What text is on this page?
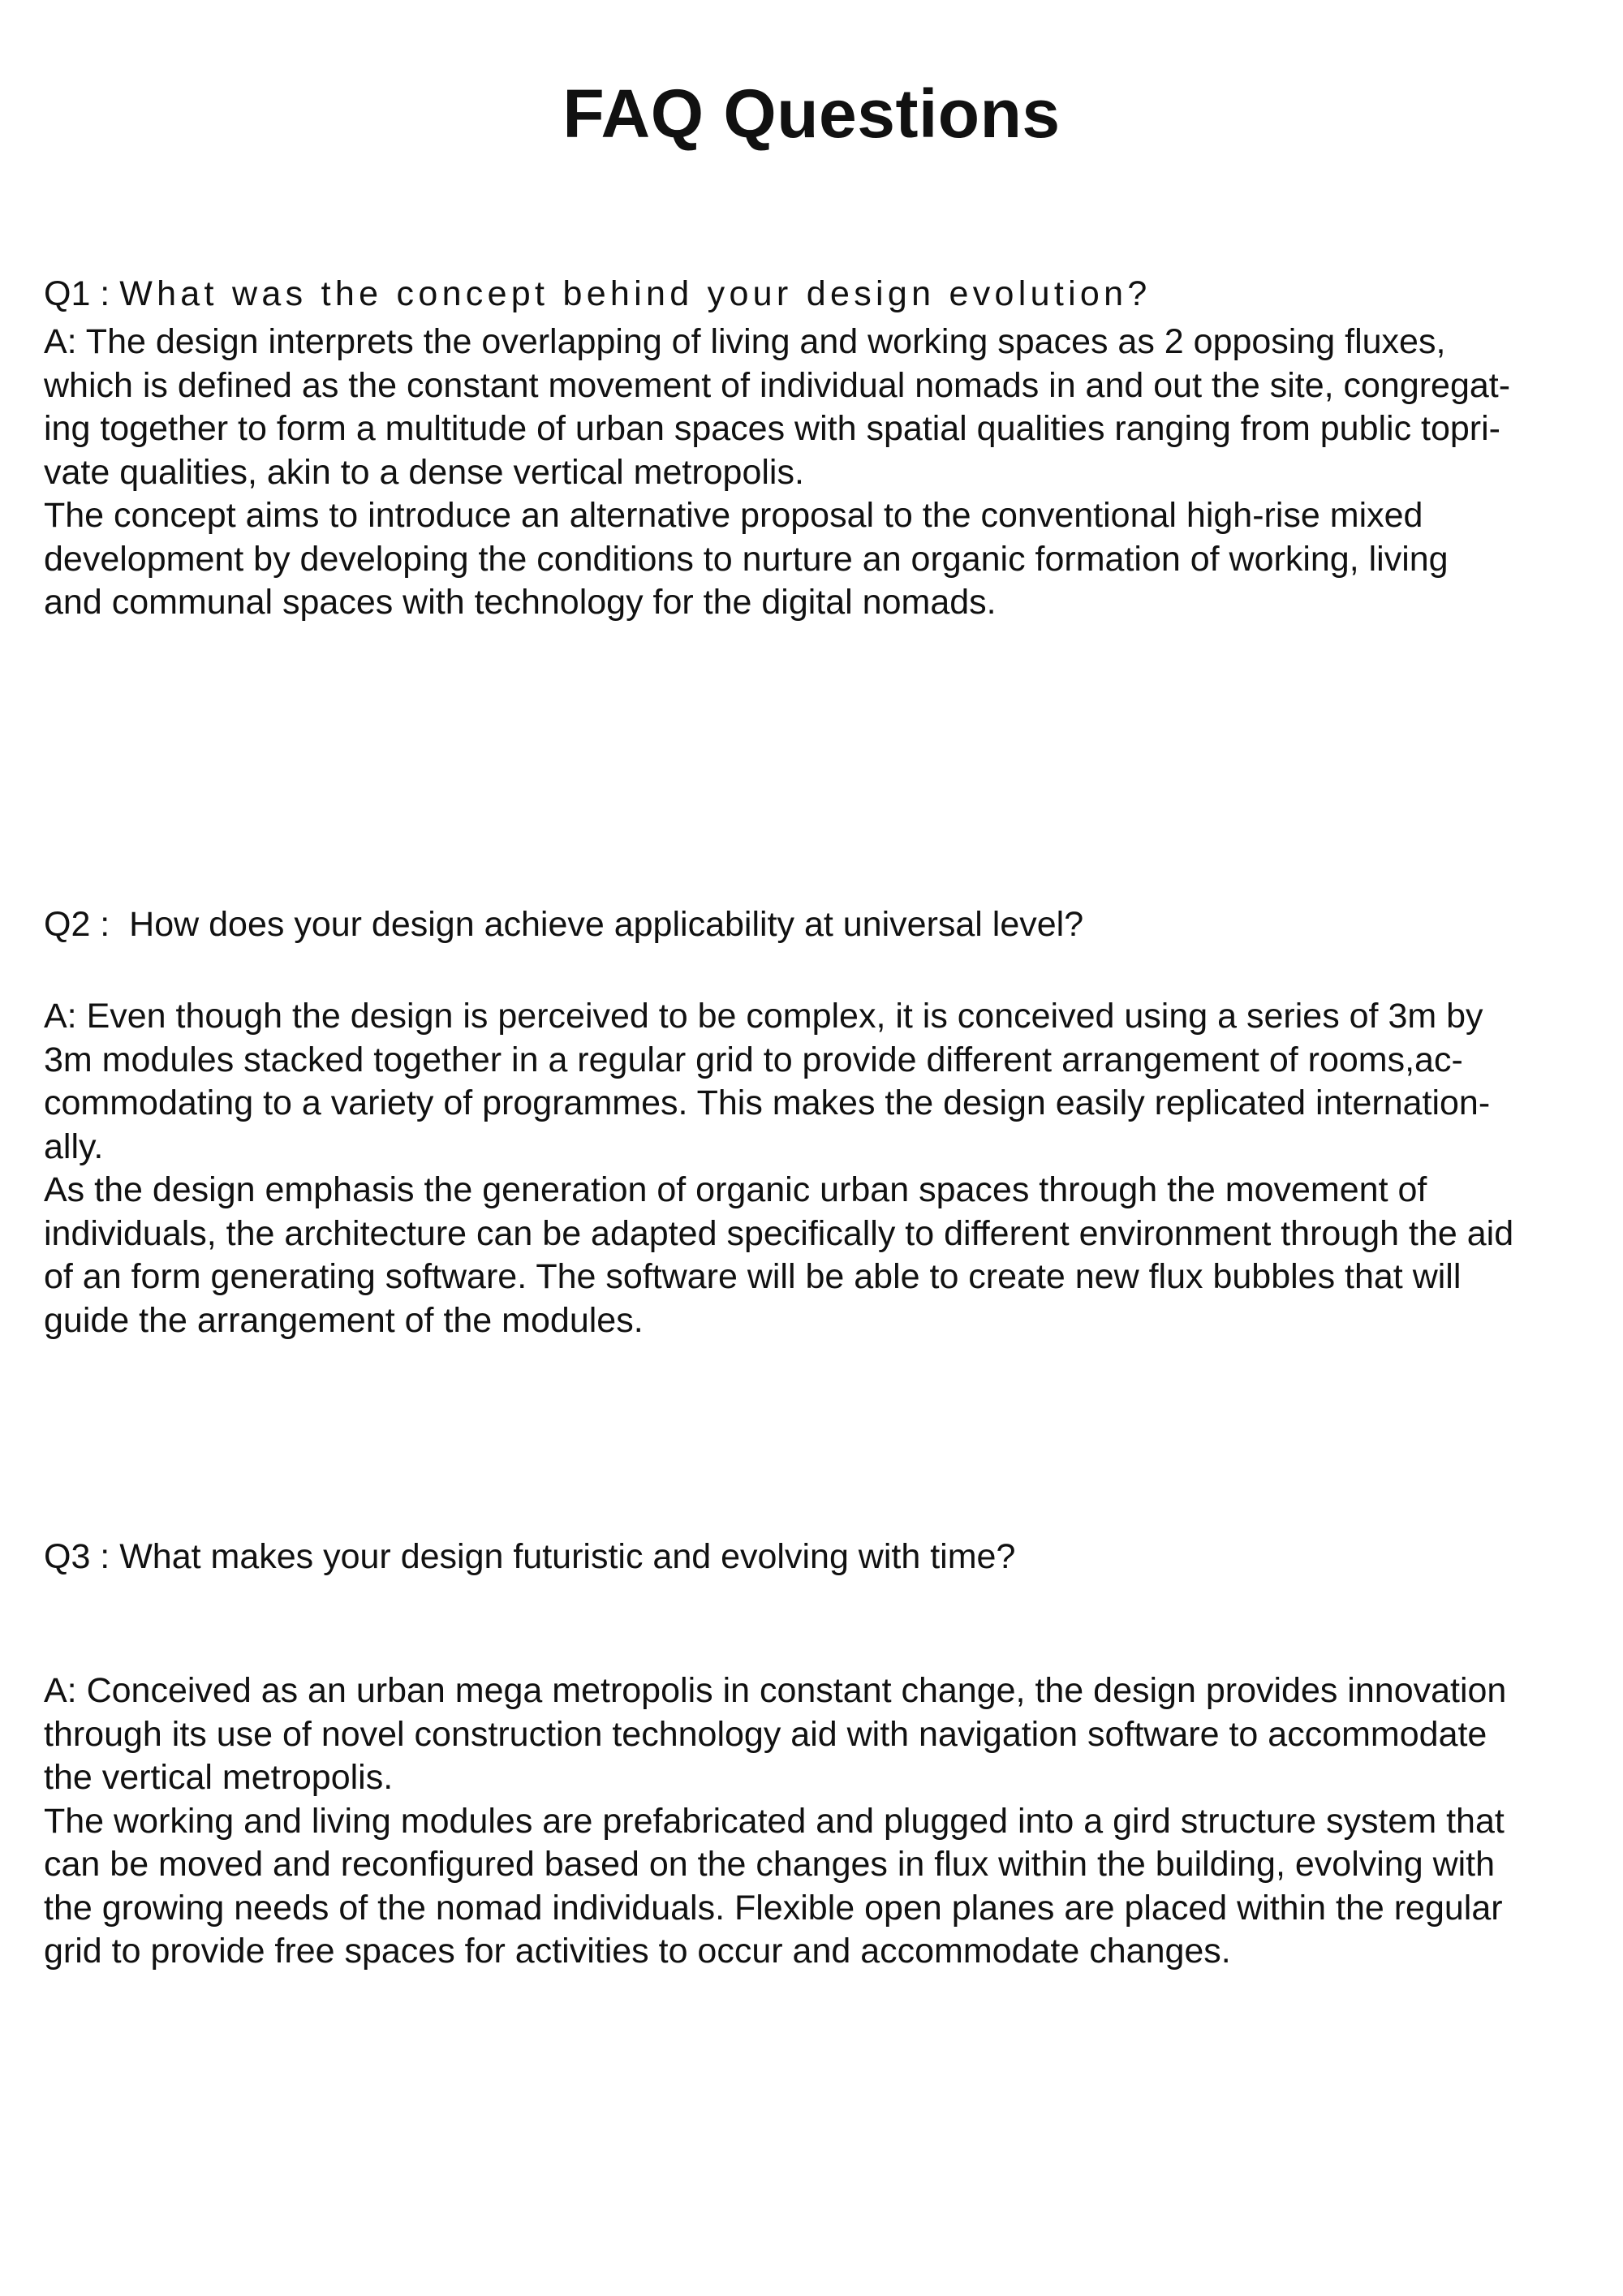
FAQ Questions
Q1 : What was the concept behind your design evolution?
A: The design interprets the overlapping of living and working spaces as 2 opposing fluxes,
which is defined as the constant movement of individual nomads in and out the site, congregat-
ing together to form a multitude of urban spaces with spatial qualities ranging from public topri-
vate qualities, akin to a dense vertical metropolis.
The concept aims to introduce an alternative proposal to the conventional high-rise mixed
development by developing the conditions to nurture an organic formation of working, living
and communal spaces with technology for the digital nomads.
Q2 :  How does your design achieve applicability at universal level?
A: Even though the design is perceived to be complex, it is conceived using a series of 3m by
3m modules stacked together in a regular grid to provide different arrangement of rooms,ac-
commodating to a variety of programmes. This makes the design easily replicated internation-
ally.
As the design emphasis the generation of organic urban spaces through the movement of
individuals, the architecture can be adapted specifically to different environment through the aid
of an form generating software. The software will be able to create new flux bubbles that will
guide the arrangement of the modules.
Q3 : What makes your design futuristic and evolving with time?
A: Conceived as an urban mega metropolis in constant change, the design provides innovation
through its use of novel construction technology aid with navigation software to accommodate
the vertical metropolis.
The working and living modules are prefabricated and plugged into a gird structure system that
can be moved and reconfigured based on the changes in flux within the building, evolving with
the growing needs of the nomad individuals. Flexible open planes are placed within the regular
grid to provide free spaces for activities to occur and accommodate changes.
